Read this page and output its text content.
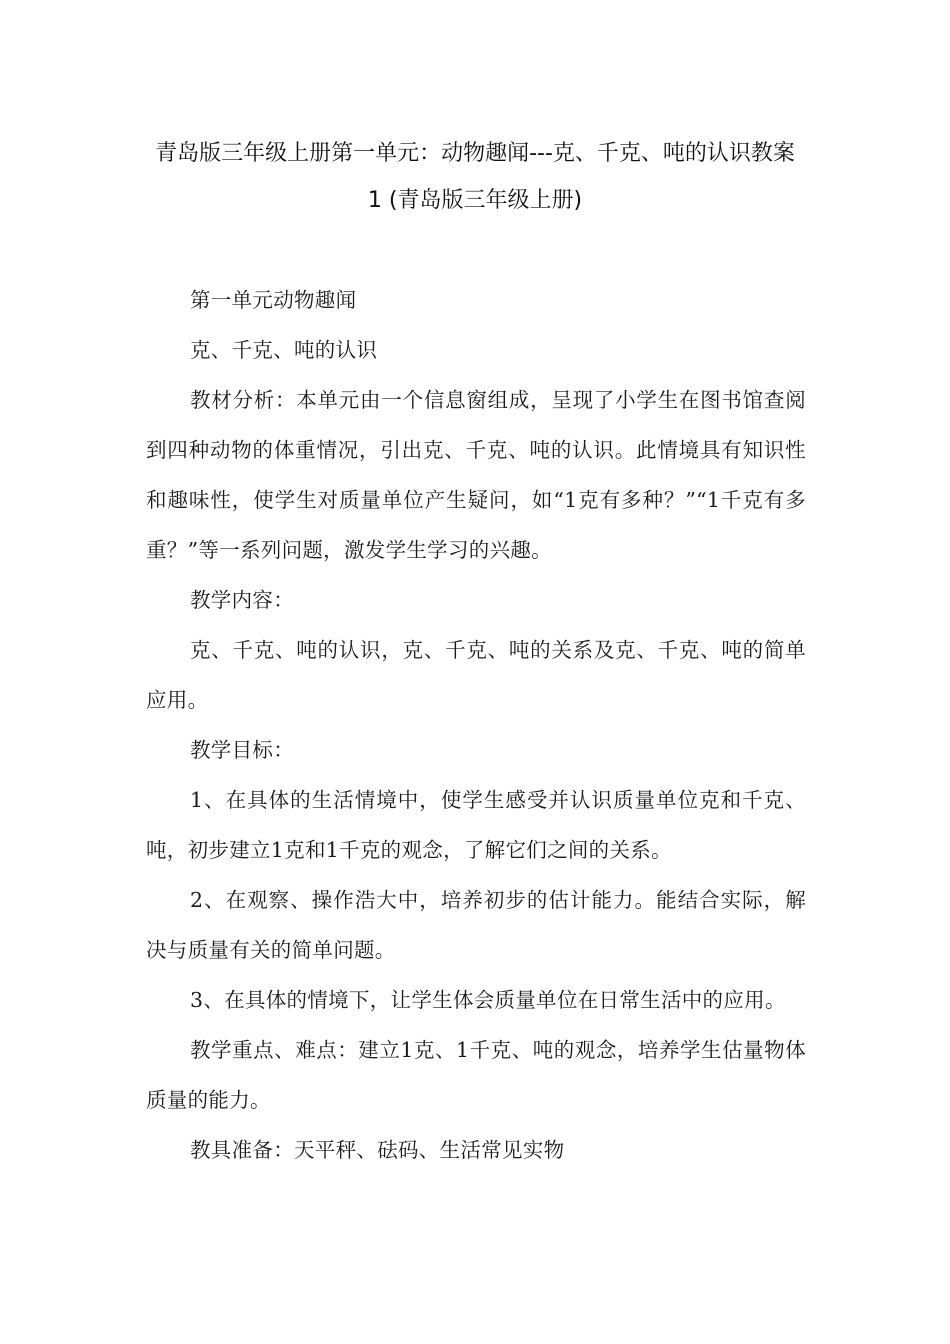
青岛版三年级上册第一单元：动物趣闻---克、千克、吨的认识教案
1 (青岛版三年级上册)

第一单元动物趣闻

克、千克、吨的认识

教材分析：本单元由一个信息窗组成，呈现了小学生在图书馆查阅到四种动物的体重情况，引出克、千克、吨的认识。此情境具有知识性和趣味性，使学生对质量单位产生疑问，如“1克有多种？”“1千克有多重？”等一系列问题，激发学生学习的兴趣。

教学内容：

克、千克、吨的认识，克、千克、吨的关系及克、千克、吨的简单应用。

教学目标：

1、在具体的生活情境中，使学生感受并认识质量单位克和千克、吨，初步建立1克和1千克的观念，了解它们之间的关系。

2、在观察、操作浩大中，培养初步的估计能力。能结合实际，解决与质量有关的简单问题。

3、在具体的情境下，让学生体会质量单位在日常生活中的应用。

教学重点、难点：建立1克、1千克、吨的观念，培养学生估量物体质量的能力。

教具准备：天平秤、砝码、生活常见实物
